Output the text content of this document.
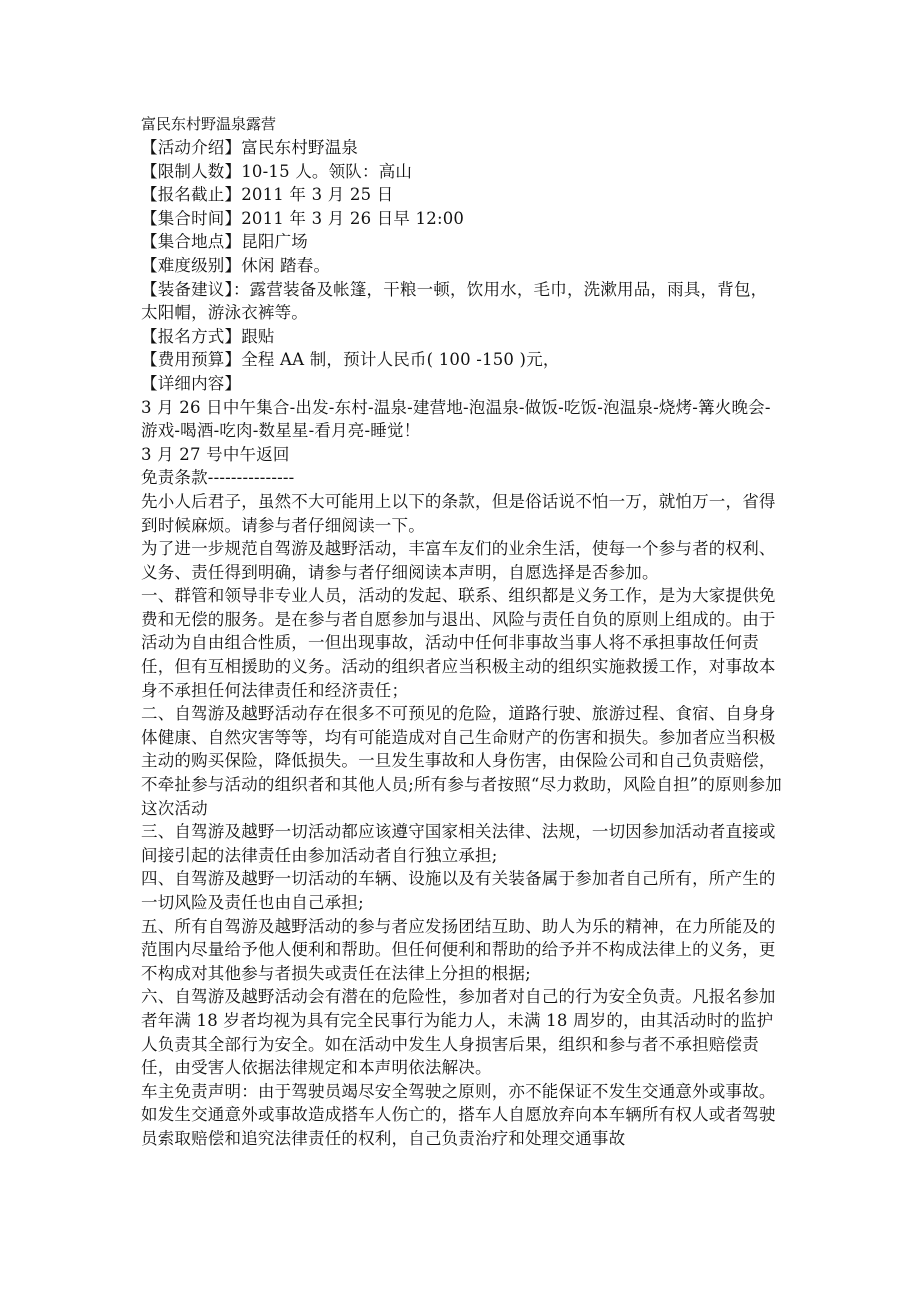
富民东村野温泉露营

【活动介绍】富民东村野温泉

【限制人数】10-15 人。领队：高山

【报名截止】2011 年 3 月 25 日

【集合时间】2011 年 3 月 26 日早 12:00

【集合地点】昆阳广场

【难度级别】休闲 踏春。

【装备建议】：露营装备及帐篷，干粮一顿，饮用水，毛巾，洗漱用品，雨具，背包，太阳帽，游泳衣裤等。

【报名方式】跟贴

【费用预算】全程 AA 制，预计人民币( 100 -150 )元，

【详细内容】

3 月 26 日中午集合-出发-东村-温泉-建营地-泡温泉-做饭-吃饭-泡温泉-烧烤-篝火晚会-游戏-喝酒-吃肉-数星星-看月亮-睡觉！

3 月 27 号中午返回

免责条款---------------

先小人后君子，虽然不大可能用上以下的条款，但是俗话说不怕一万，就怕万一，省得到时候麻烦。请参与者仔细阅读一下。

为了进一步规范自驾游及越野活动，丰富车友们的业余生活，使每一个参与者的权利、义务、责任得到明确，请参与者仔细阅读本声明，自愿选择是否参加。

一、群管和领导非专业人员，活动的发起、联系、组织都是义务工作，是为大家提供免费和无偿的服务。是在参与者自愿参加与退出、风险与责任自负的原则上组成的。由于活动为自由组合性质，一但出现事故，活动中任何非事故当事人将不承担事故任何责任，但有互相援助的义务。活动的组织者应当积极主动的组织实施救援工作，对事故本身不承担任何法律责任和经济责任；

二、自驾游及越野活动存在很多不可预见的危险，道路行驶、旅游过程、食宿、自身身体健康、自然灾害等等，均有可能造成对自己生命财产的伤害和损失。参加者应当积极主动的购买保险，降低损失。一旦发生事故和人身伤害，由保险公司和自己负责赔偿，不牵扯参与活动的组织者和其他人员;所有参与者按照“尽力救助，风险自担”的原则参加这次活动

三、自驾游及越野一切活动都应该遵守国家相关法律、法规，一切因参加活动者直接或间接引起的法律责任由参加活动者自行独立承担;

四、自驾游及越野一切活动的车辆、设施以及有关装备属于参加者自己所有，所产生的一切风险及责任也由自己承担;

五、所有自驾游及越野活动的参与者应发扬团结互助、助人为乐的精神，在力所能及的范围内尽量给予他人便利和帮助。但任何便利和帮助的给予并不构成法律上的义务，更不构成对其他参与者损失或责任在法律上分担的根据;

六、自驾游及越野活动会有潜在的危险性，参加者对自己的行为安全负责。凡报名参加者年满 18 岁者均视为具有完全民事行为能力人，未满 18 周岁的，由其活动时的监护人负责其全部行为安全。如在活动中发生人身损害后果，组织和参与者不承担赔偿责任，由受害人依据法律规定和本声明依法解决。

车主免责声明：由于驾驶员竭尽安全驾驶之原则，亦不能保证不发生交通意外或事故。如发生交通意外或事故造成搭车人伤亡的，搭车人自愿放弃向本车辆所有权人或者驾驶员索取赔偿和追究法律责任的权利，自己负责治疗和处理交通事故
